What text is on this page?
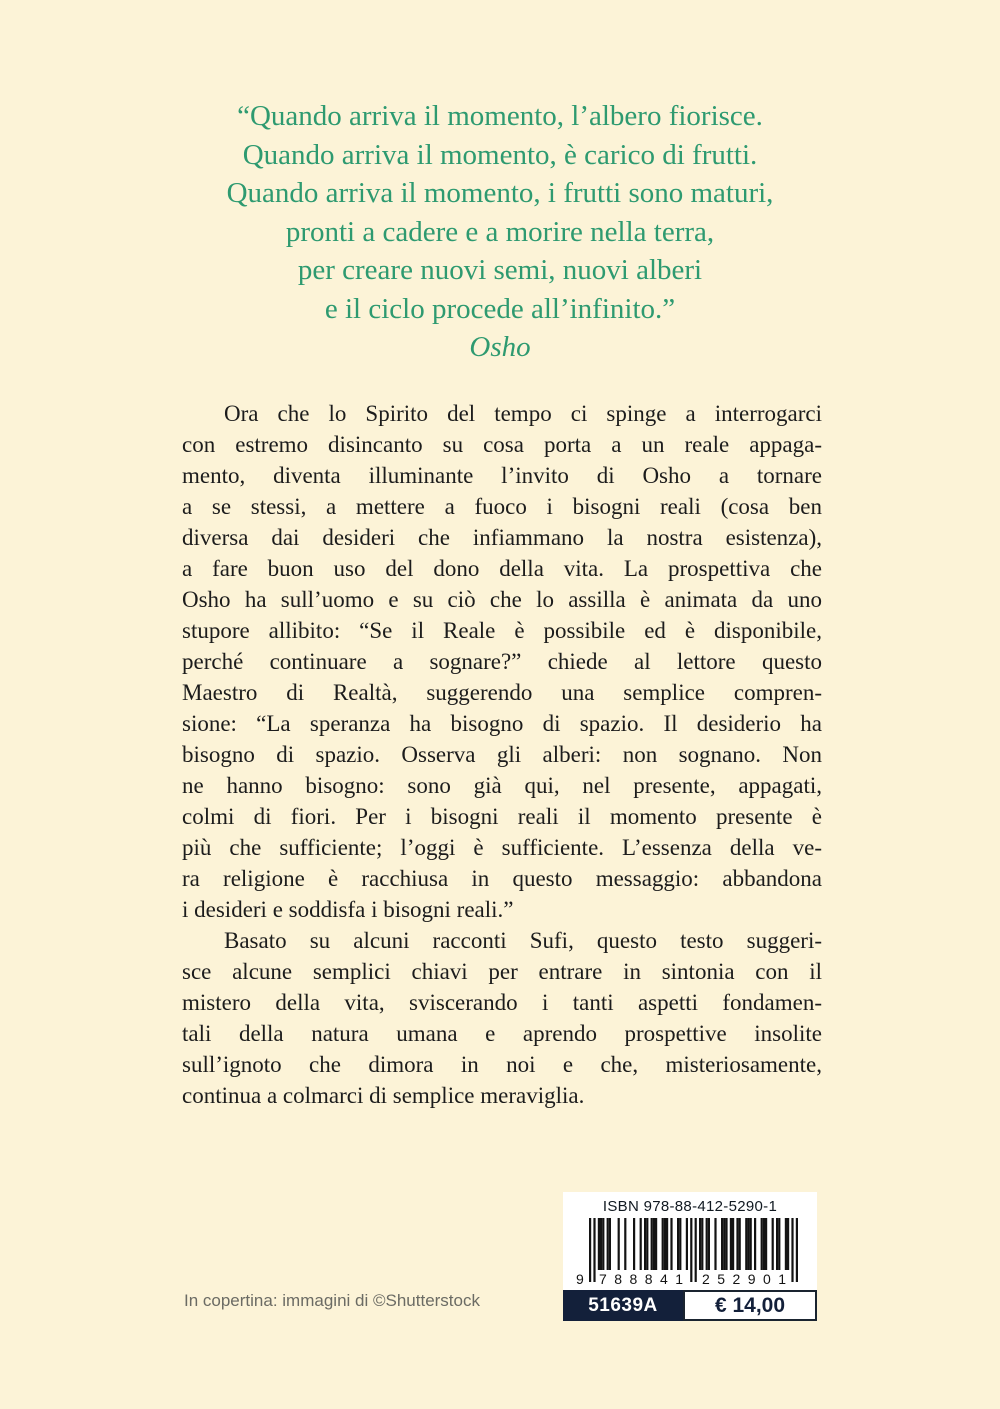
“Quando arriva il momento, l’albero fiorisce.
Quando arriva il momento, è carico di frutti.
Quando arriva il momento, i frutti sono maturi,
pronti a cadere e a morire nella terra,
per creare nuovi semi, nuovi alberi
e il ciclo procede all’infinito.”
Osho
Ora che lo Spirito del tempo ci spinge a interrogarci
con estremo disincanto su cosa porta a un reale appaga-
mento, diventa illuminante l’invito di Osho a tornare
a se stessi, a mettere a fuoco i bisogni reali (cosa ben
diversa dai desideri che infiammano la nostra esistenza),
a fare buon uso del dono della vita. La prospettiva che
Osho ha sull’uomo e su ciò che lo assilla è animata da uno
stupore allibito: “Se il Reale è possibile ed è disponibile,
perché continuare a sognare?” chiede al lettore questo
Maestro di Realtà, suggerendo una semplice compren-
sione: “La speranza ha bisogno di spazio. Il desiderio ha
bisogno di spazio. Osserva gli alberi: non sognano. Non
ne hanno bisogno: sono già qui, nel presente, appagati,
colmi di fiori. Per i bisogni reali il momento presente è
più che sufficiente; l’oggi è sufficiente. L’essenza della ve-
ra religione è racchiusa in questo messaggio: abbandona
i desideri e soddisfa i bisogni reali.”
Basato su alcuni racconti Sufi, questo testo suggeri-
sce alcune semplici chiavi per entrare in sintonia con il
mistero della vita, sviscerando i tanti aspetti fondamen-
tali della natura umana e aprendo prospettive insolite
sull’ignoto che dimora in noi e che, misteriosamente,
continua a colmarci di semplice meraviglia.
In copertina: immagini di ©Shutterstock
ISBN 978-88-412-5290-1
9 788841 252901
51639A	€ 14,00
